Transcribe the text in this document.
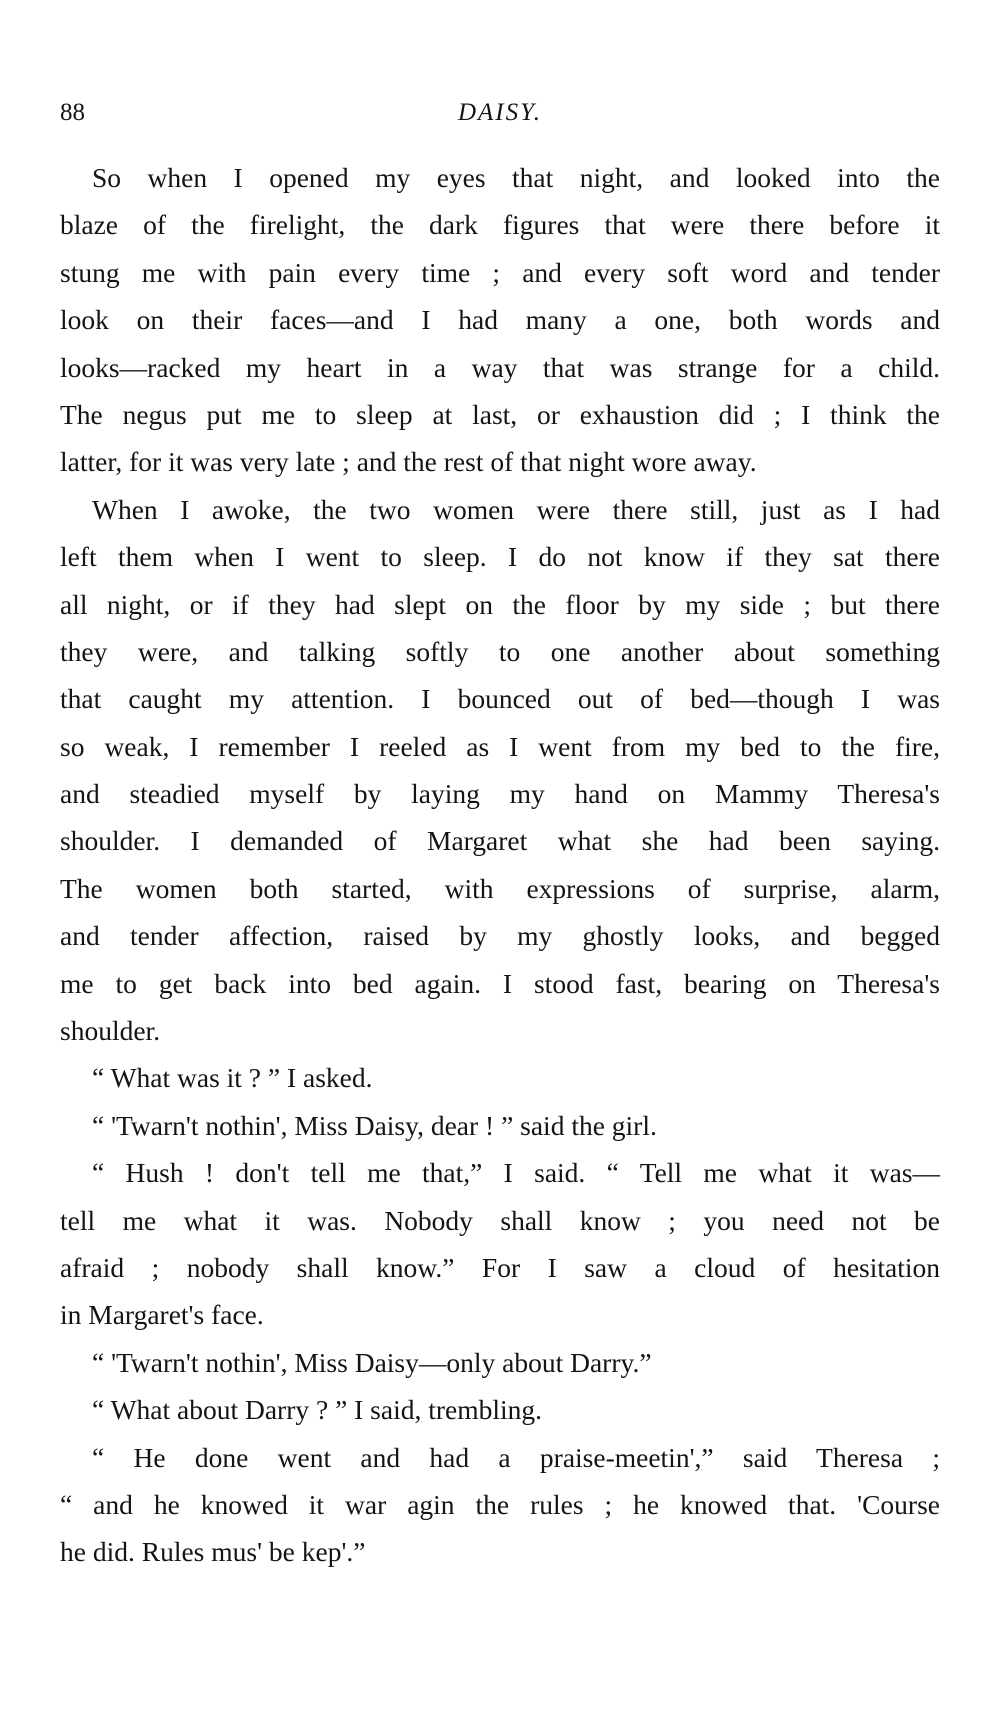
88	DAISY.
So when I opened my eyes that night, and looked into the
blaze of the firelight, the dark figures that were there before it
stung me with pain every time ; and every soft word and tender
look on their faces—and I had many a one, both words and
looks—racked my heart in a way that was strange for a child.
The negus put me to sleep at last, or exhaustion did ; I think the
latter, for it was very late ; and the rest of that night wore away.
When I awoke, the two women were there still, just as I had
left them when I went to sleep. I do not know if they sat there
all night, or if they had slept on the floor by my side ; but there
they were, and talking softly to one another about something
that caught my attention. I bounced out of bed—though I was
so weak, I remember I reeled as I went from my bed to the fire,
and steadied myself by laying my hand on Mammy Theresa's
shoulder. I demanded of Margaret what she had been saying.
The women both started, with expressions of surprise, alarm,
and tender affection, raised by my ghostly looks, and begged
me to get back into bed again. I stood fast, bearing on Theresa's
shoulder.
“ What was it ? ” I asked.
“ 'Twarn't nothin', Miss Daisy, dear ! ” said the girl.
“ Hush ! don't tell me that,” I said. “ Tell me what it was—
tell me what it was. Nobody shall know ; you need not be
afraid ; nobody shall know.” For I saw a cloud of hesitation
in Margaret's face.
“ 'Twarn't nothin', Miss Daisy—only about Darry.”
“ What about Darry ? ” I said, trembling.
“ He done went and had a praise-meetin',” said Theresa ;
“ and he knowed it war agin the rules ; he knowed that. 'Course
he did. Rules mus' be kep'.”
